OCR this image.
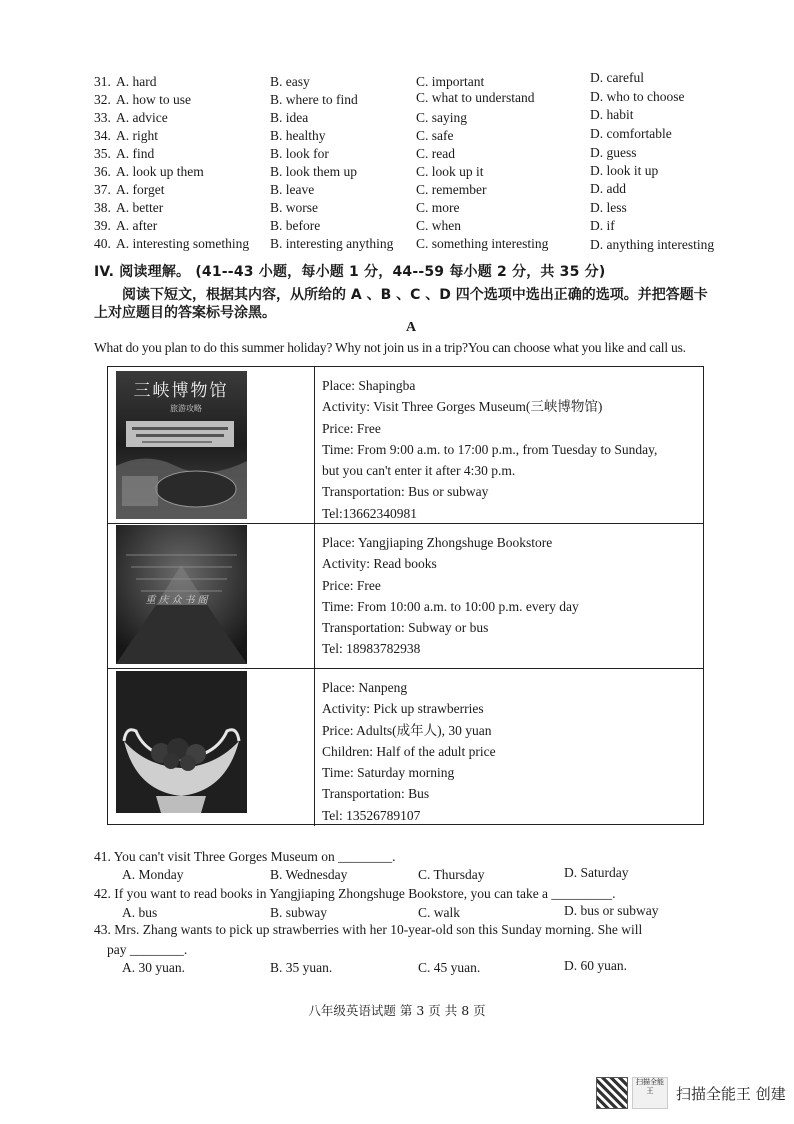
31. A. hard	B. easy	C. important	D. careful
32. A. how to use	B. where to find	C. what to understand	D. who to choose
33. A. advice	B. idea	C. saying	D. habit
34. A. right	B. healthy	C. safe	D. comfortable
35. A. find	B. look for	C. read	D. guess
36. A. look up them	B. look them up	C. look up it	D. look it up
37. A. forget	B. leave	C. remember	D. add
38. A. better	B. worse	C. more	D. less
39. A. after	B. before	C. when	D. if
40. A. interesting something B. interesting anything C. something interesting	D. anything interesting
IV. 阅读理解。 (41--43 小题，每小题 1 分，44--59 每小题 2 分，共 35 分)
阅读下短文，根据其内容，从所给的 A 、B 、C 、D 四个选项中选出正确的选项。并把答题卡
上对应题目的答案标号涂黑。
A
What do you plan to do this summer holiday? Why not join us in a trip?You can choose what you like and call us.
三峡博物馆
旅游攻略
Place: Shapingba
Activity: Visit Three Gorges Museum(三峡博物馆)
Price: Free
Time: From 9:00 a.m. to 17:00 p.m., from Tuesday to Sunday,
but you can't enter it after 4:30 p.m.
Transportation: Bus or subway
Tel:13662340981
重庆众书阁
Place: Yangjiaping Zhongshuge Bookstore
Activity: Read books
Price: Free
Time: From 10:00 a.m. to 10:00 p.m. every day
Transportation: Subway or bus
Tel: 18983782938
Place: Nanpeng
Activity: Pick up strawberries
Price: Adults(成年人), 30 yuan
Children: Half of the adult price
Time: Saturday morning
Transportation: Bus
Tel: 13526789107
41. You can't visit Three Gorges Museum on ________.
A. Monday	B. Wednesday	C. Thursday	D. Saturday
42. If you want to read books in Yangjiaping Zhongshuge Bookstore, you can take a _________.
A. bus	B. subway	C. walk	D. bus or subway
43. Mrs. Zhang wants to pick up strawberries with her 10-year-old son this Sunday morning. She will
pay ________.
A. 30 yuan.	B. 35 yuan.	C. 45 yuan.	D. 60 yuan.
八年级英语试题 第 3 页 共 8 页
扫描全能王	扫描全能王 创建
